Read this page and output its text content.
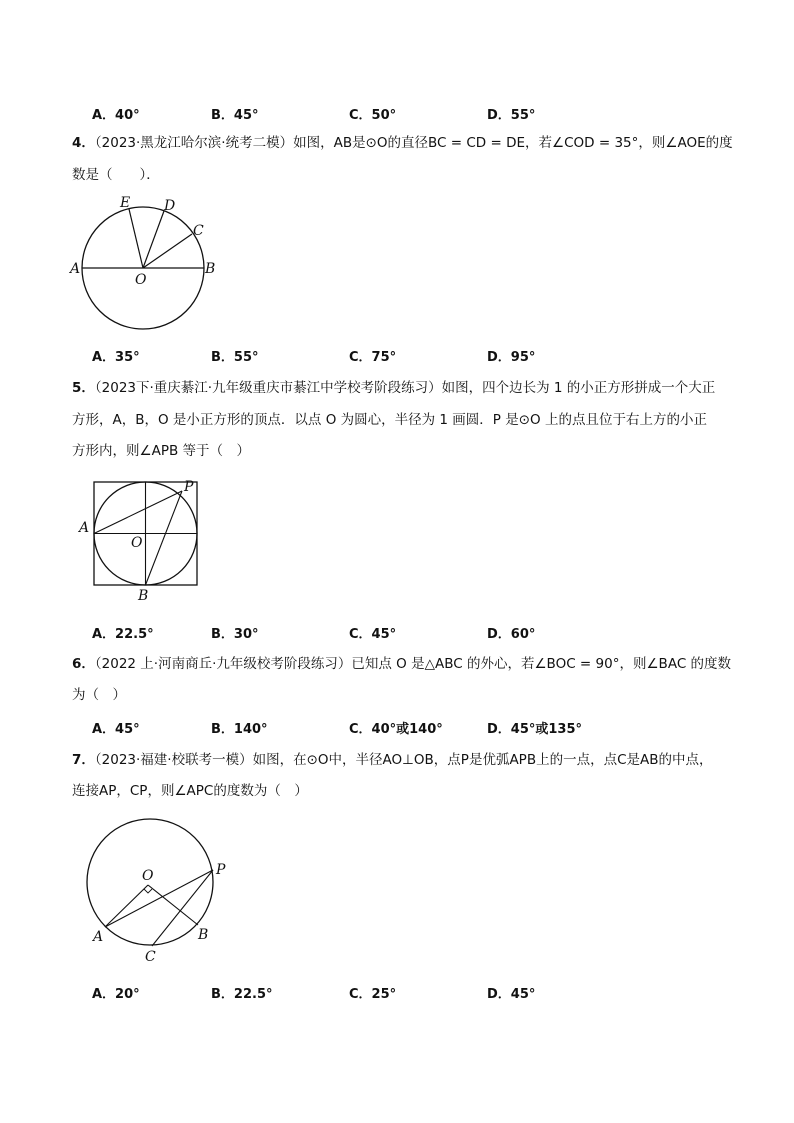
A．40°	B．45°	C．50°	D．55°
4．（2023·黑龙江哈尔滨·统考二模）如图，AB是⊙O的直径BC = CD = DE，若∠COD = 35°，则∠AOE的度
数是（　　）．
E D
C
A
O
B
A．35°	B．55°	C．75°	D．95°
5．（2023下·重庆綦江·九年级重庆市綦江中学校考阶段练习）如图，四个边长为 1 的小正方形拼成一个大正
方形，A，B，O 是小正方形的顶点．以点 O 为圆心，半径为 1 画圆．P 是⊙O 上的点且位于右上方的小正
方形内，则∠APB 等于（　）
P
A
O
B
A．22.5°	B．30°	C．45°	D．60°
6．（2022 上·河南商丘·九年级校考阶段练习）已知点 O 是△ABC 的外心，若∠BOC = 90°，则∠BAC 的度数
为（　）
A．45°	B．140°	C．40°或140°	D．45°或135°
7．（2023·福建·校联考一模）如图，在⊙O中，半径AO⊥OB，点P是优弧APB上的一点，点C是AB的中点，
连接AP，CP，则∠APC的度数为（　）
O	P
A	B
C
A．20°	B．22.5°	C．25°	D．45°
